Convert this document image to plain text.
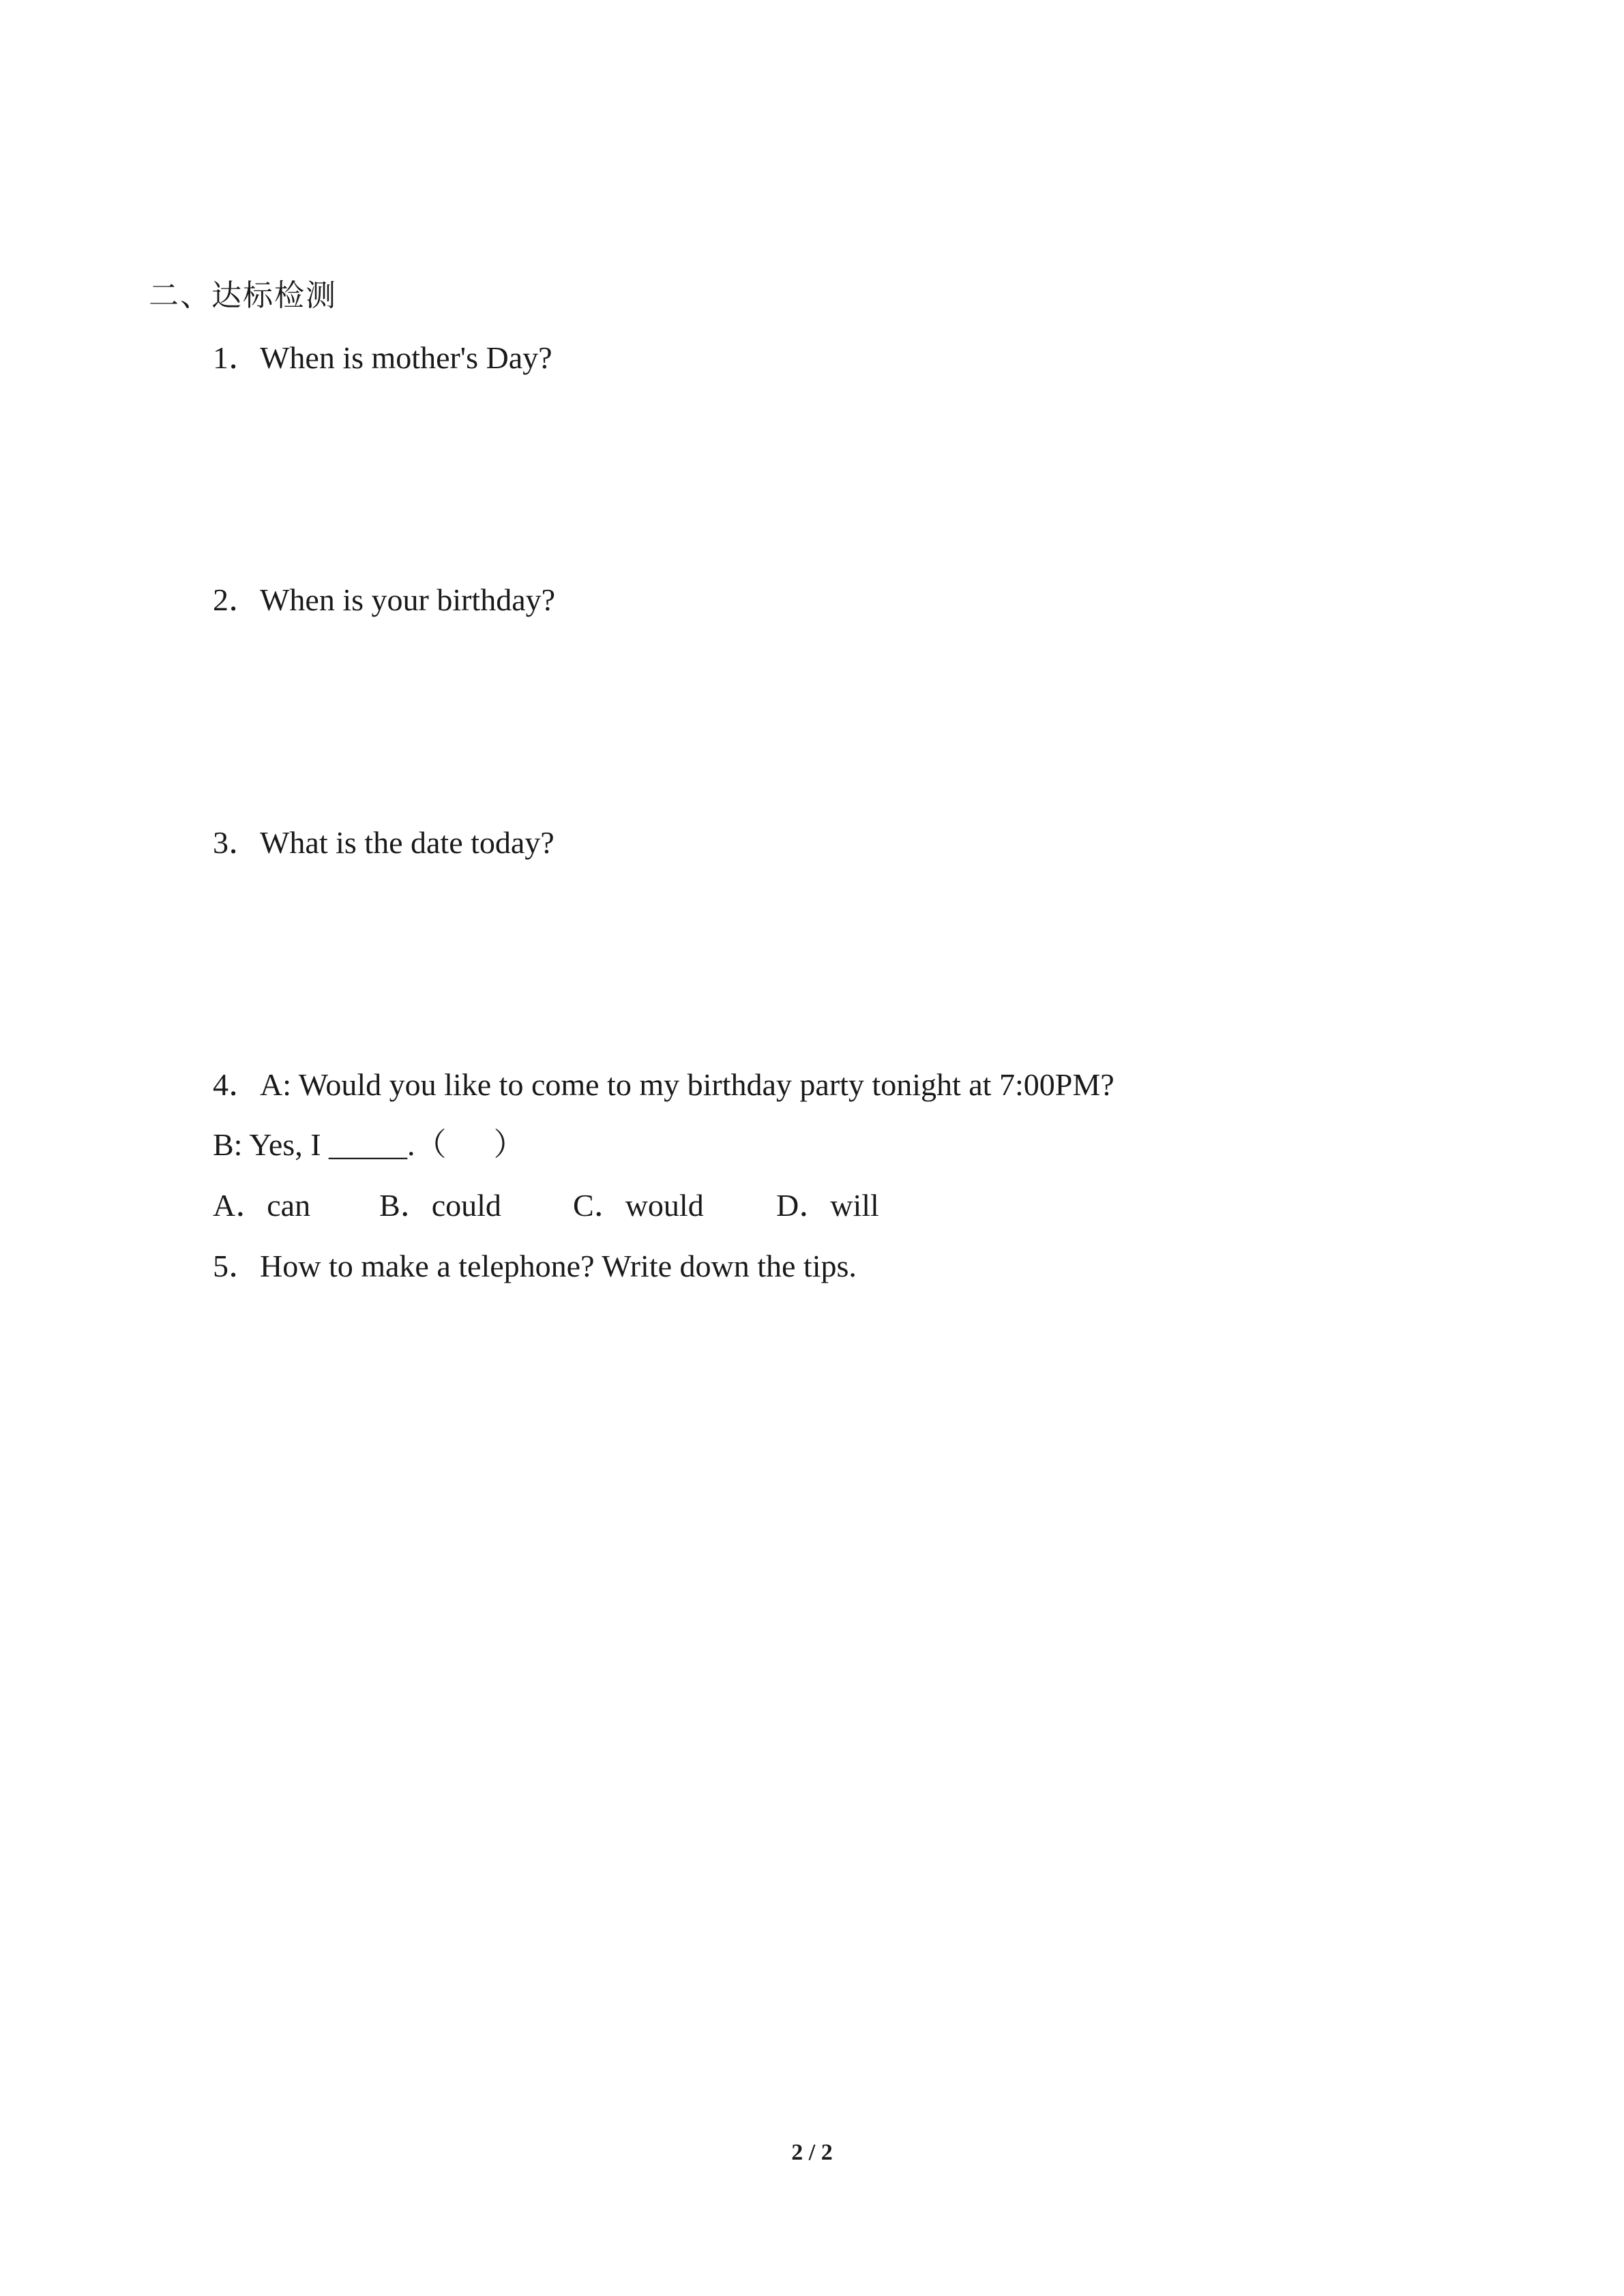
二、达标检测
1．When is mother's Day?
2．When is your birthday?
3．What is the date today?
4．A: Would you like to come to my birthday party tonight at 7:00PM?
B: Yes, I _____.（ ）
A．can B．could C．would D．will
5．How to make a telephone? Write down the tips.
2 / 2
